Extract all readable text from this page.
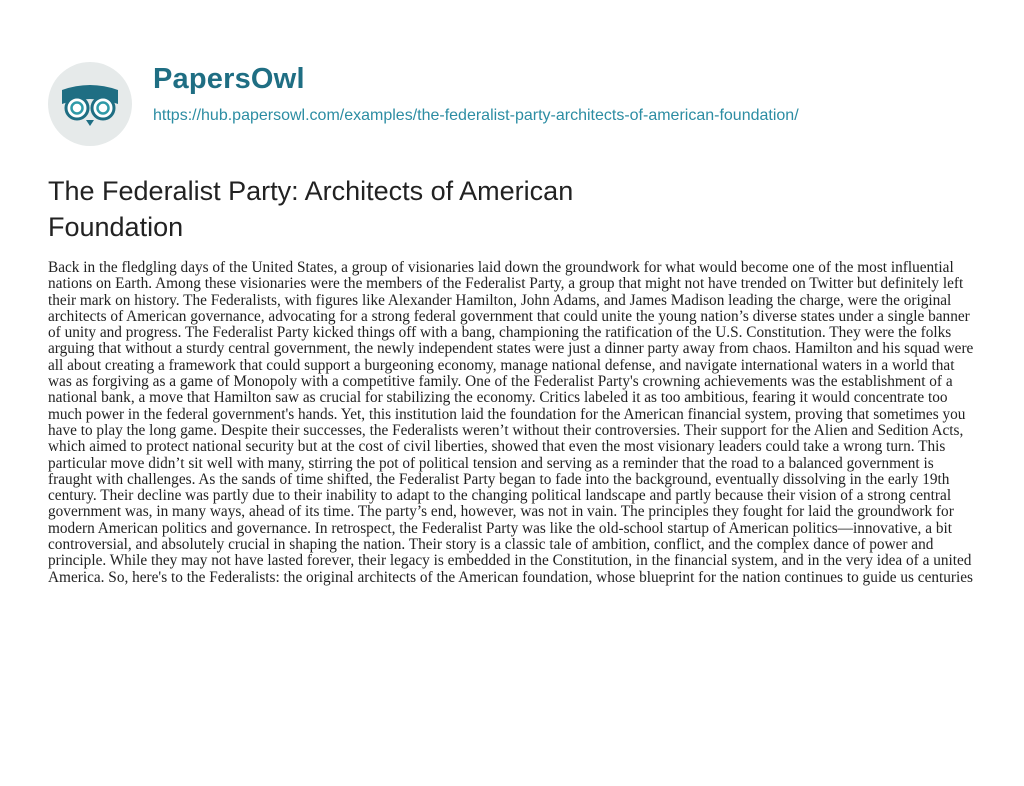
PapersOwl
https://hub.papersowl.com/examples/the-federalist-party-architects-of-american-foundation/
The Federalist Party: Architects of American Foundation

Back in the fledgling days of the United States, a group of visionaries laid down the groundwork for what would become one of the most influential nations on Earth. Among these visionaries were the members of the Federalist Party, a group that might not have trended on Twitter but definitely left their mark on history. The Federalists, with figures like Alexander Hamilton, John Adams, and James Madison leading the charge, were the original architects of American governance, advocating for a strong federal government that could unite the young nation’s diverse states under a single banner of unity and progress. The Federalist Party kicked things off with a bang, championing the ratification of the U.S. Constitution. They were the folks arguing that without a sturdy central government, the newly independent states were just a dinner party away from chaos. Hamilton and his squad were all about creating a framework that could support a burgeoning economy, manage national defense, and navigate international waters in a world that was as forgiving as a game of Monopoly with a competitive family. One of the Federalist Party's crowning achievements was the establishment of a national bank, a move that Hamilton saw as crucial for stabilizing the economy. Critics labeled it as too ambitious, fearing it would concentrate too much power in the federal government's hands. Yet, this institution laid the foundation for the American financial system, proving that sometimes you have to play the long game. Despite their successes, the Federalists weren’t without their controversies. Their support for the Alien and Sedition Acts, which aimed to protect national security but at the cost of civil liberties, showed that even the most visionary leaders could take a wrong turn. This particular move didn’t sit well with many, stirring the pot of political tension and serving as a reminder that the road to a balanced government is fraught with challenges. As the sands of time shifted, the Federalist Party began to fade into the background, eventually dissolving in the early 19th century. Their decline was partly due to their inability to adapt to the changing political landscape and partly because their vision of a strong central government was, in many ways, ahead of its time. The party’s end, however, was not in vain. The principles they fought for laid the groundwork for modern American politics and governance. In retrospect, the Federalist Party was like the old-school startup of American politics—innovative, a bit controversial, and absolutely crucial in shaping the nation. Their story is a classic tale of ambition, conflict, and the complex dance of power and principle. While they may not have lasted forever, their legacy is embedded in the Constitution, in the financial system, and in the very idea of a united America. So, here's to the Federalists: the original architects of the American foundation, whose blueprint for the nation continues to guide us centuries
